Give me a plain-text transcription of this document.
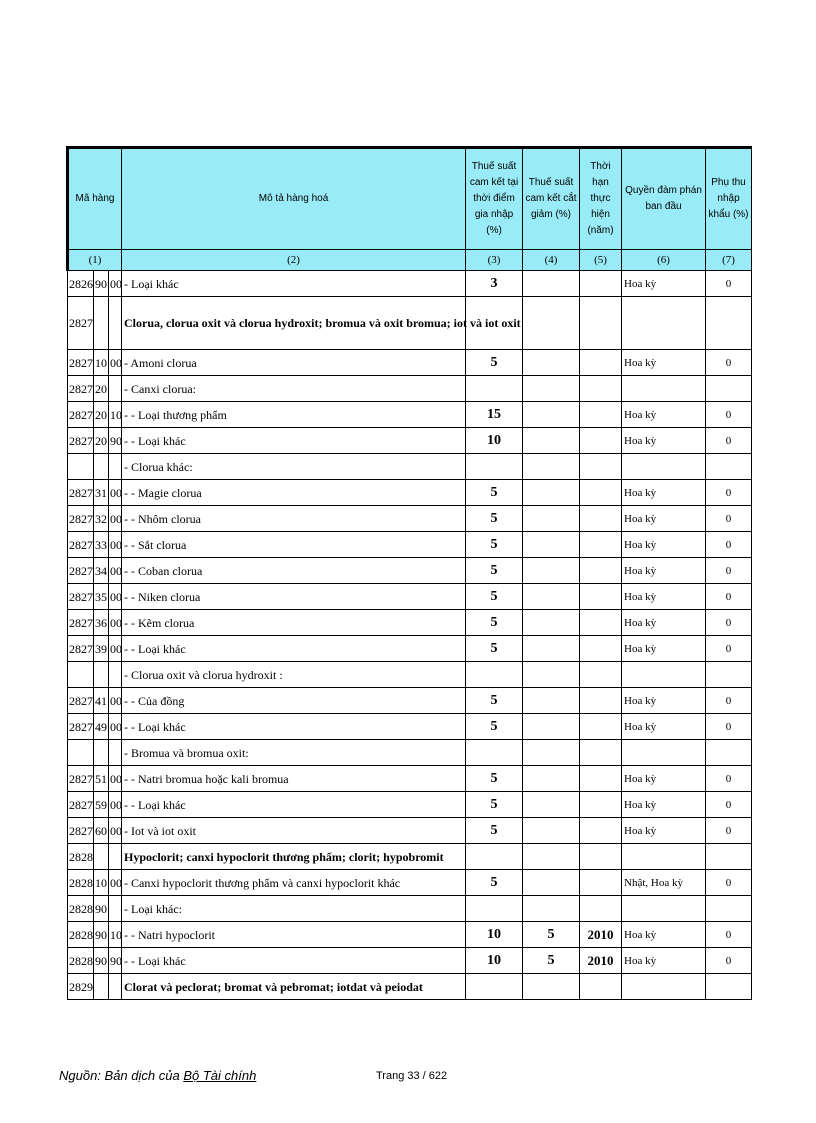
Mã hàng			Mô tả hàng hoá	Thuế suất cam kết tại thời điểm gia nhập (%)	Thuế suất cam kết cắt giảm (%)	Thời hạn thực hiện (năm)	Quyền đàm phán ban đầu	Phụ thu nhập khẩu (%)
(1)			(2)	(3)	(4)	(5)	(6)	(7)
2826	90	00	- Loại khác	3			Hoa kỳ	0
2827			Clorua, clorua oxit và clorua hydroxit; bromua và oxit bromua; iot và iot oxit					
2827	10	00	- Amoni clorua	5			Hoa kỳ	0
2827	20		- Canxi clorua:					
2827	20	10	- - Loại thương phẩm	15			Hoa kỳ	0
2827	20	90	- - Loại khác	10			Hoa kỳ	0
			- Clorua khác:					
2827	31	00	- - Magie clorua	5			Hoa kỳ	0
2827	32	00	- - Nhôm clorua	5			Hoa kỳ	0
2827	33	00	- - Sắt clorua	5			Hoa kỳ	0
2827	34	00	- - Coban clorua	5			Hoa kỳ	0
2827	35	00	- - Niken clorua	5			Hoa kỳ	0
2827	36	00	- - Kẽm clorua	5			Hoa kỳ	0
2827	39	00	- - Loại khác	5			Hoa kỳ	0
			- Clorua oxit và clorua hydroxit :					
2827	41	00	- - Của đồng	5			Hoa kỳ	0
2827	49	00	- - Loại khác	5			Hoa kỳ	0
			- Bromua và bromua oxit:					
2827	51	00	- - Natri bromua hoặc kali bromua	5			Hoa kỳ	0
2827	59	00	- - Loại khác	5			Hoa kỳ	0
2827	60	00	- Iot và iot oxit	5			Hoa kỳ	0
2828			Hypoclorit; canxi hypoclorit thương phẩm; clorit; hypobromit					
2828	10	00	- Canxi hypoclorit thương phẩm và canxi hypoclorit khác	5			Nhật, Hoa kỳ	0
2828	90		- Loại khác:					
2828	90	10	- - Natri hypoclorit	10	5	2010	Hoa kỳ	0
2828	90	90	- - Loại khác	10	5	2010	Hoa kỳ	0
2829			Clorat và peclorat; bromat và pebromat; iotdat và peiodat					
Nguồn: Bản dịch của Bộ Tài chính	Trang 33 / 622
